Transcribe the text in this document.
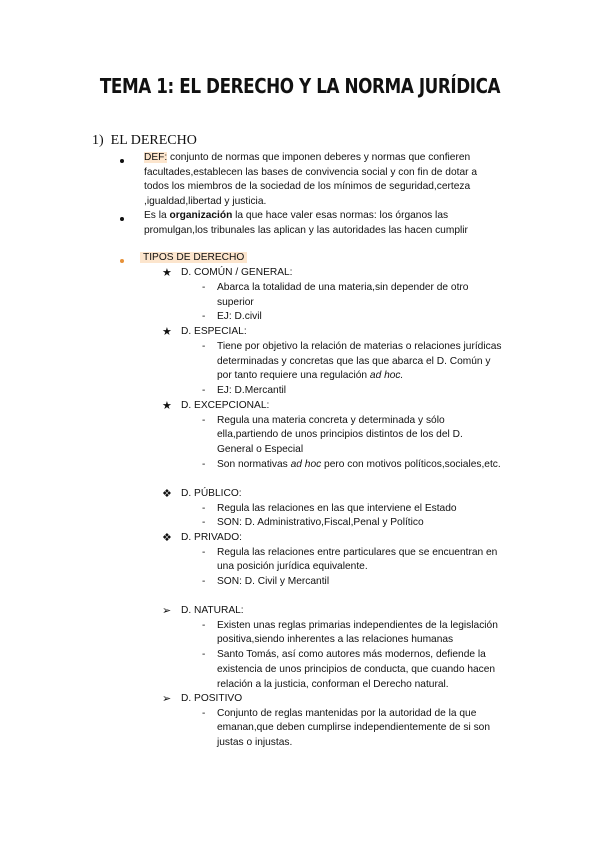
TEMA 1: EL DERECHO Y LA NORMA JURÍDICA
1) EL DERECHO
DEF: conjunto de normas que imponen deberes y normas que confieren
facultades,establecen las bases de convivencia social y con fin de dotar a
todos los miembros de la sociedad de los mínimos de seguridad,certeza
,igualdad,libertad y justicia.
Es la organización la que hace valer esas normas: los órganos las
promulgan,los tribunales las aplican y las autoridades las hacen cumplir
TIPOS DE DERECHO
★ D. COMÚN / GENERAL:
- Abarca la totalidad de una materia,sin depender de otro
superior
- EJ: D.civil
★ D. ESPECIAL:
- Tiene por objetivo la relación de materias o relaciones jurídicas
determinadas y concretas que las que abarca el D. Común y
por tanto requiere una regulación ad hoc.
- EJ: D.Mercantil
★ D. EXCEPCIONAL:
- Regula una materia concreta y determinada y sólo
ella,partiendo de unos principios distintos de los del D.
General o Especial
- Son normativas ad hoc pero con motivos políticos,sociales,etc.
❖ D. PÚBLICO:
- Regula las relaciones en las que interviene el Estado
- SON: D. Administrativo,Fiscal,Penal y Político
❖ D. PRIVADO:
- Regula las relaciones entre particulares que se encuentran en
una posición jurídica equivalente.
- SON: D. Civil y Mercantil
➢ D. NATURAL:
- Existen unas reglas primarias independientes de la legislación
positiva,siendo inherentes a las relaciones humanas
- Santo Tomás, así como autores más modernos, defiende la
existencia de unos principios de conducta, que cuando hacen
relación a la justicia, conforman el Derecho natural.
➢ D. POSITIVO
- Conjunto de reglas mantenidas por la autoridad de la que
emanan,que deben cumplirse independientemente de si son
justas o injustas.
